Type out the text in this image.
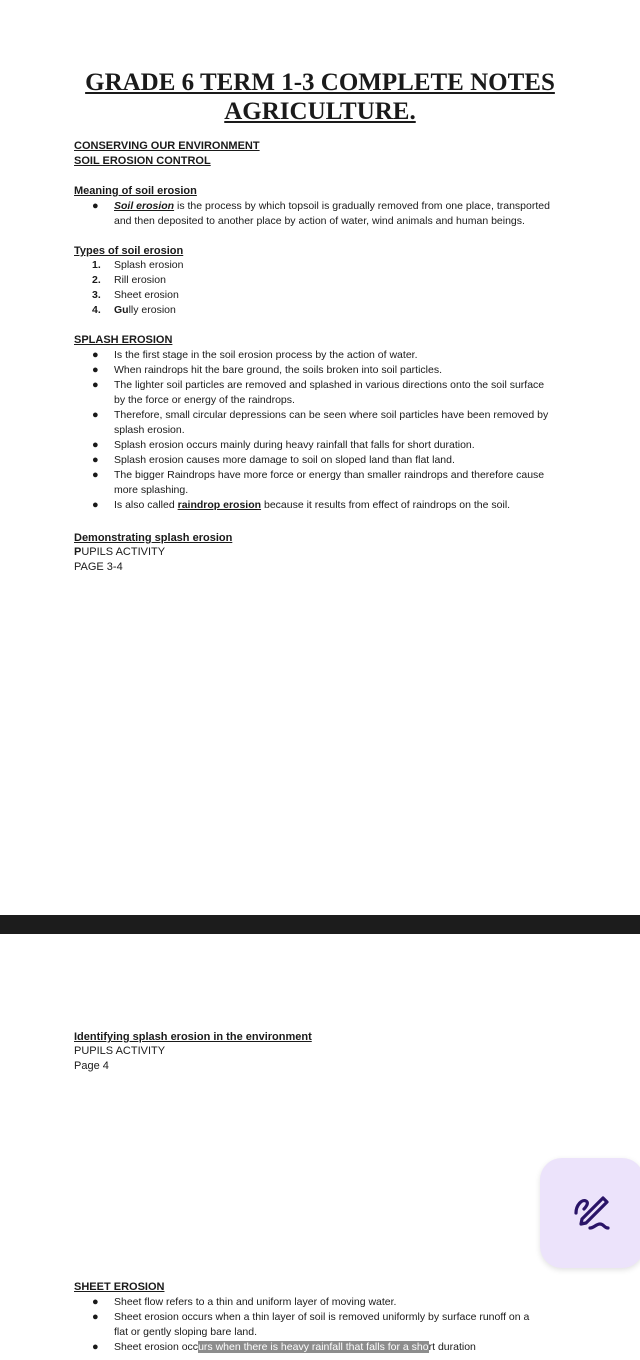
GRADE 6 TERM 1-3 COMPLETE NOTES
AGRICULTURE.
CONSERVING OUR ENVIRONMENT
SOIL EROSION CONTROL
Meaning of soil erosion
● Soil erosion is the process by which topsoil is gradually removed from one place, transported
and then deposited to another place by action of water, wind animals and human beings.
Types of soil erosion
1. Splash erosion
2. Rill erosion
3. Sheet erosion
4. Gully erosion
SPLASH EROSION
● Is the first stage in the soil erosion process by the action of water.
● When raindrops hit the bare ground, the soils broken into soil particles.
● The lighter soil particles are removed and splashed in various directions onto the soil surface
by the force or energy of the raindrops.
● Therefore, small circular depressions can be seen where soil particles have been removed by
splash erosion.
● Splash erosion occurs mainly during heavy rainfall that falls for short duration.
● Splash erosion causes more damage to soil on sloped land than flat land.
● The bigger Raindrops have more force or energy than smaller raindrops and therefore cause
more splashing.
● Is also called raindrop erosion because it results from effect of raindrops on the soil.
Demonstrating splash erosion
PUPILS ACTIVITY
PAGE 3-4
Identifying splash erosion in the environment
PUPILS ACTIVITY
Page 4
SHEET EROSION
● Sheet flow refers to a thin and uniform layer of moving water.
● Sheet erosion occurs when a thin layer of soil is removed uniformly by surface runoff on a
flat or gently sloping bare land.
● Sheet erosion occurs when there is heavy rainfall that falls for a short duration
